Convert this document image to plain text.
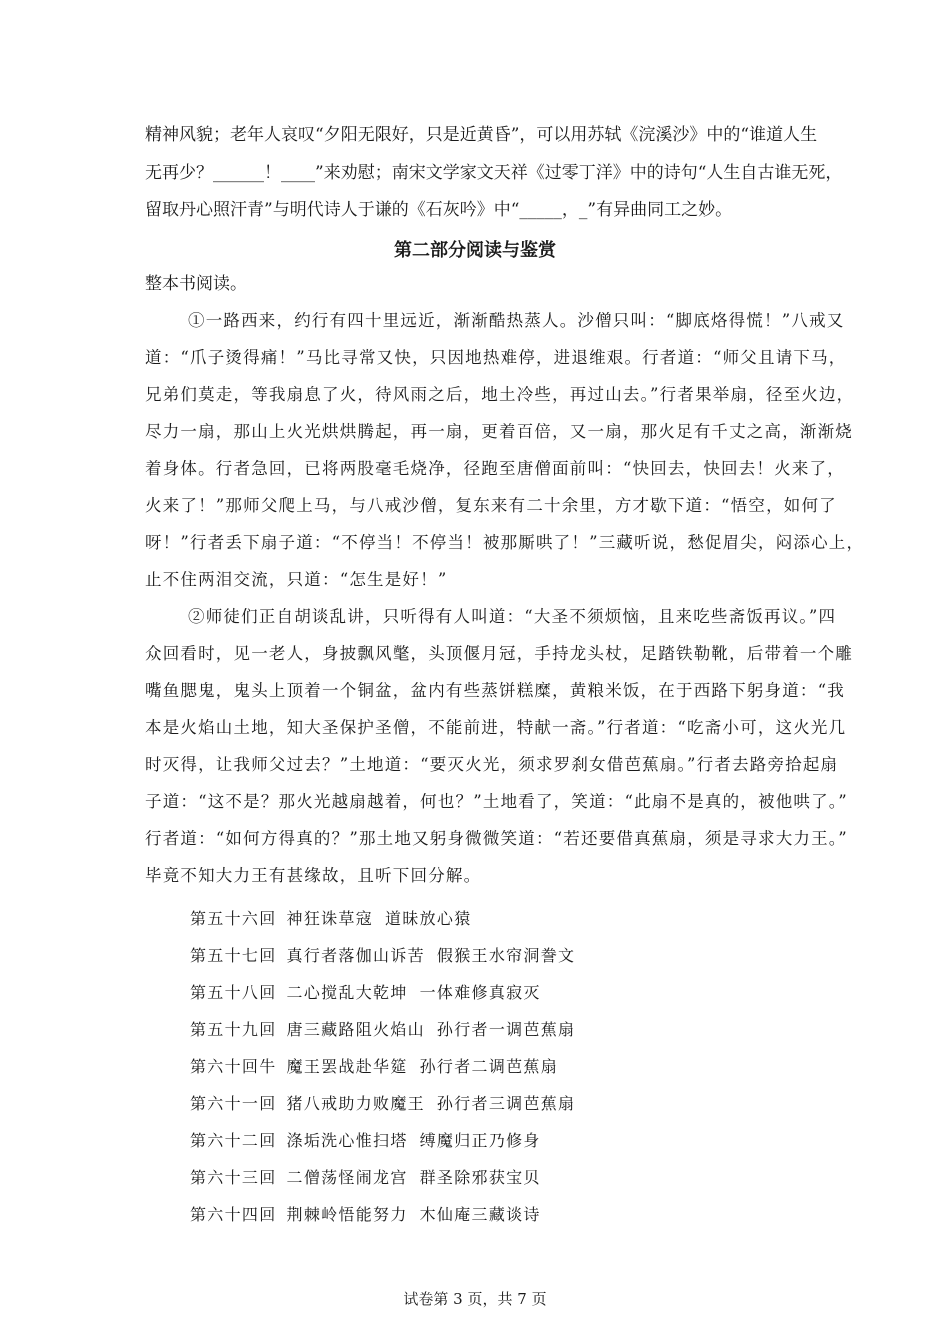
精神风貌；老年人哀叹“夕阳无限好，只是近黄昏”，可以用苏轼《浣溪沙》中的“谁道人生
无再少？______！____”来劝慰；南宋文学家文天祥《过零丁洋》中的诗句“人生自古谁无死，
留取丹心照汗青”与明代诗人于谦的《石灰吟》中“_____，_”有异曲同工之妙。
第二部分阅读与鉴赏
整本书阅读。
①一路西来，约行有四十里远近，渐渐酷热蒸人。沙僧只叫：“脚底烙得慌！”八戒又
道：“爪子烫得痛！”马比寻常又快，只因地热难停，进退维艰。行者道：“师父且请下马，
兄弟们莫走，等我扇息了火，待风雨之后，地土冷些，再过山去。”行者果举扇，径至火边，
尽力一扇，那山上火光烘烘腾起，再一扇，更着百倍，又一扇，那火足有千丈之高，渐渐烧
着身体。行者急回，已将两股毫毛烧净，径跑至唐僧面前叫：“快回去，快回去！火来了，
火来了！”那师父爬上马，与八戒沙僧，复东来有二十余里，方才歇下道：“悟空，如何了
呀！”行者丢下扇子道：“不停当！不停当！被那厮哄了！”三藏听说，愁促眉尖，闷添心上，
止不住两泪交流，只道：“怎生是好！”
②师徒们正自胡谈乱讲，只听得有人叫道：“大圣不须烦恼，且来吃些斋饭再议。”四
众回看时，见一老人，身披飘风氅，头顶偃月冠，手持龙头杖，足踏铁勒靴，后带着一个雕
嘴鱼腮鬼，鬼头上顶着一个铜盆，盆内有些蒸饼糕糜，黄粮米饭，在于西路下躬身道：“我
本是火焰山土地，知大圣保护圣僧，不能前进，特献一斋。”行者道：“吃斋小可，这火光几
时灭得，让我师父过去？”土地道：“要灭火光，须求罗刹女借芭蕉扇。”行者去路旁拾起扇
子道：“这不是？那火光越扇越着，何也？”土地看了，笑道：“此扇不是真的，被他哄了。”
行者道：“如何方得真的？”那土地又躬身微微笑道：“若还要借真蕉扇，须是寻求大力王。”
毕竟不知大力王有甚缘故，且听下回分解。
第五十六回 神狂诛草寇 道昧放心猿
第五十七回 真行者落伽山诉苦 假猴王水帘洞誊文
第五十八回 二心搅乱大乾坤 一体难修真寂灭
第五十九回 唐三藏路阻火焰山 孙行者一调芭蕉扇
第六十回牛 魔王罢战赴华筵 孙行者二调芭蕉扇
第六十一回 猪八戒助力败魔王 孙行者三调芭蕉扇
第六十二回 涤垢洗心惟扫塔 缚魔归正乃修身
第六十三回 二僧荡怪闹龙宫 群圣除邪获宝贝
第六十四回 荆棘岭悟能努力 木仙庵三藏谈诗
试卷第 3 页，共 7 页
